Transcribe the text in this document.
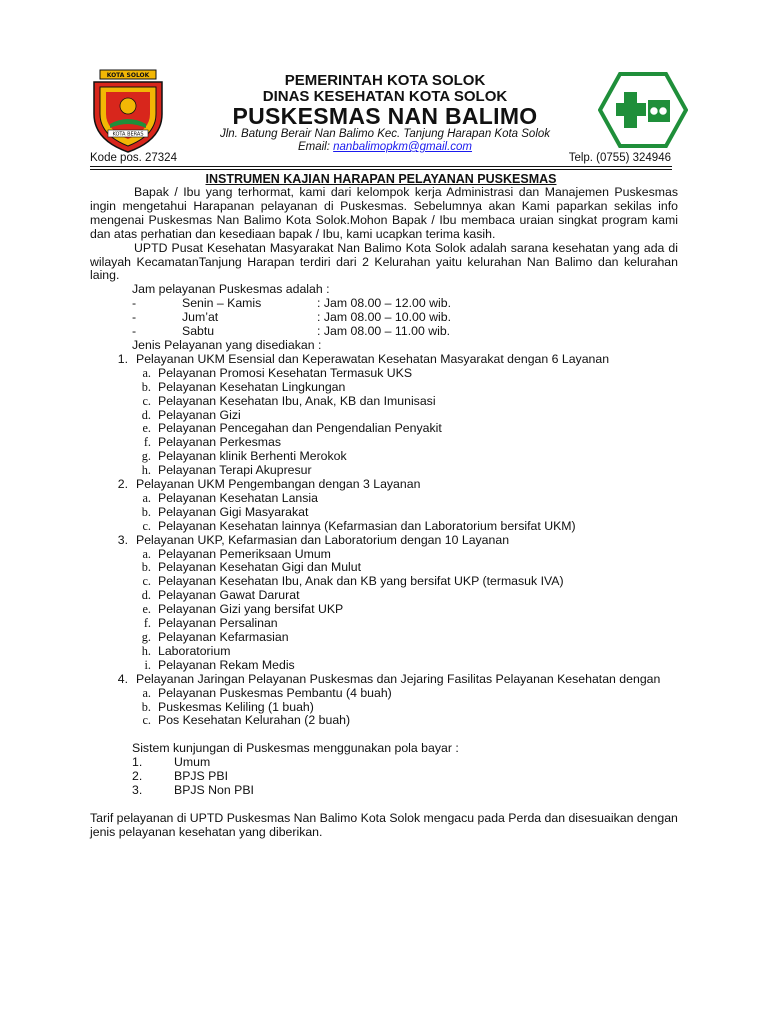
KOTA SOLOK
KOTA BERAS
PEMERINTAH KOTA SOLOK
DINAS KESEHATAN KOTA SOLOK
PUSKESMAS NAN BALIMO
Jln. Batung Berair Nan Balimo Kec. Tanjung Harapan Kota Solok
Email: nanbalimopkm@gmail.com
Kode pos. 27324	Telp. (0755) 324946
INSTRUMEN KAJIAN HARAPAN PELAYANAN PUSKESMAS

Bapak / Ibu yang terhormat, kami dari kelompok kerja Administrasi dan Manajemen Puskesmas ingin mengetahui Harapanan pelayanan di Puskesmas. Sebelumnya akan Kami paparkan sekilas info mengenai Puskesmas Nan Balimo Kota Solok.Mohon Bapak / Ibu membaca uraian singkat program kami dan atas perhatian dan kesediaan bapak / Ibu, kami ucapkan terima kasih.

UPTD Pusat Kesehatan Masyarakat Nan Balimo Kota Solok adalah sarana kesehatan yang ada di wilayah KecamatanTanjung Harapan terdiri dari 2 Kelurahan yaitu kelurahan Nan Balimo dan kelurahan laing.

Jam pelayanan Puskesmas adalah :
-	Senin – Kamis	: Jam 08.00 – 12.00 wib.
-	Jum’at	: Jam 08.00 – 10.00 wib.
-	Sabtu	: Jam 08.00 – 11.00 wib.
Jenis Pelayanan yang disediakan :
1. Pelayanan UKM Esensial dan Keperawatan Kesehatan Masyarakat dengan 6 Layanan
a. Pelayanan Promosi Kesehatan Termasuk UKS
b. Pelayanan Kesehatan Lingkungan
c. Pelayanan Kesehatan Ibu, Anak, KB dan Imunisasi
d. Pelayanan Gizi
e. Pelayanan Pencegahan dan Pengendalian Penyakit
f. Pelayanan Perkesmas
g. Pelayanan klinik Berhenti Merokok
h. Pelayanan Terapi Akupresur
2. Pelayanan UKM Pengembangan dengan 3 Layanan
a. Pelayanan Kesehatan Lansia
b. Pelayanan Gigi Masyarakat
c. Pelayanan Kesehatan lainnya (Kefarmasian dan Laboratorium bersifat UKM)
3. Pelayanan UKP, Kefarmasian dan Laboratorium dengan 10 Layanan
a. Pelayanan Pemeriksaan Umum
b. Pelayanan Kesehatan Gigi dan Mulut
c. Pelayanan Kesehatan Ibu, Anak dan KB yang bersifat UKP (termasuk IVA)
d. Pelayanan Gawat Darurat
e. Pelayanan Gizi yang bersifat UKP
f. Pelayanan Persalinan
g. Pelayanan Kefarmasian
h. Laboratorium
i. Pelayanan Rekam Medis
4. Pelayanan Jaringan Pelayanan Puskesmas dan Jejaring Fasilitas Pelayanan Kesehatan dengan
a. Pelayanan Puskesmas Pembantu (4 buah)
b. Puskesmas Keliling (1 buah)
c. Pos Kesehatan Kelurahan (2 buah)
Sistem kunjungan di Puskesmas menggunakan pola bayar :
1.	Umum
2.	BPJS PBI
3.	BPJS Non PBI

Tarif pelayanan di UPTD Puskesmas Nan Balimo Kota Solok mengacu pada Perda dan disesuaikan dengan jenis pelayanan kesehatan yang diberikan.
